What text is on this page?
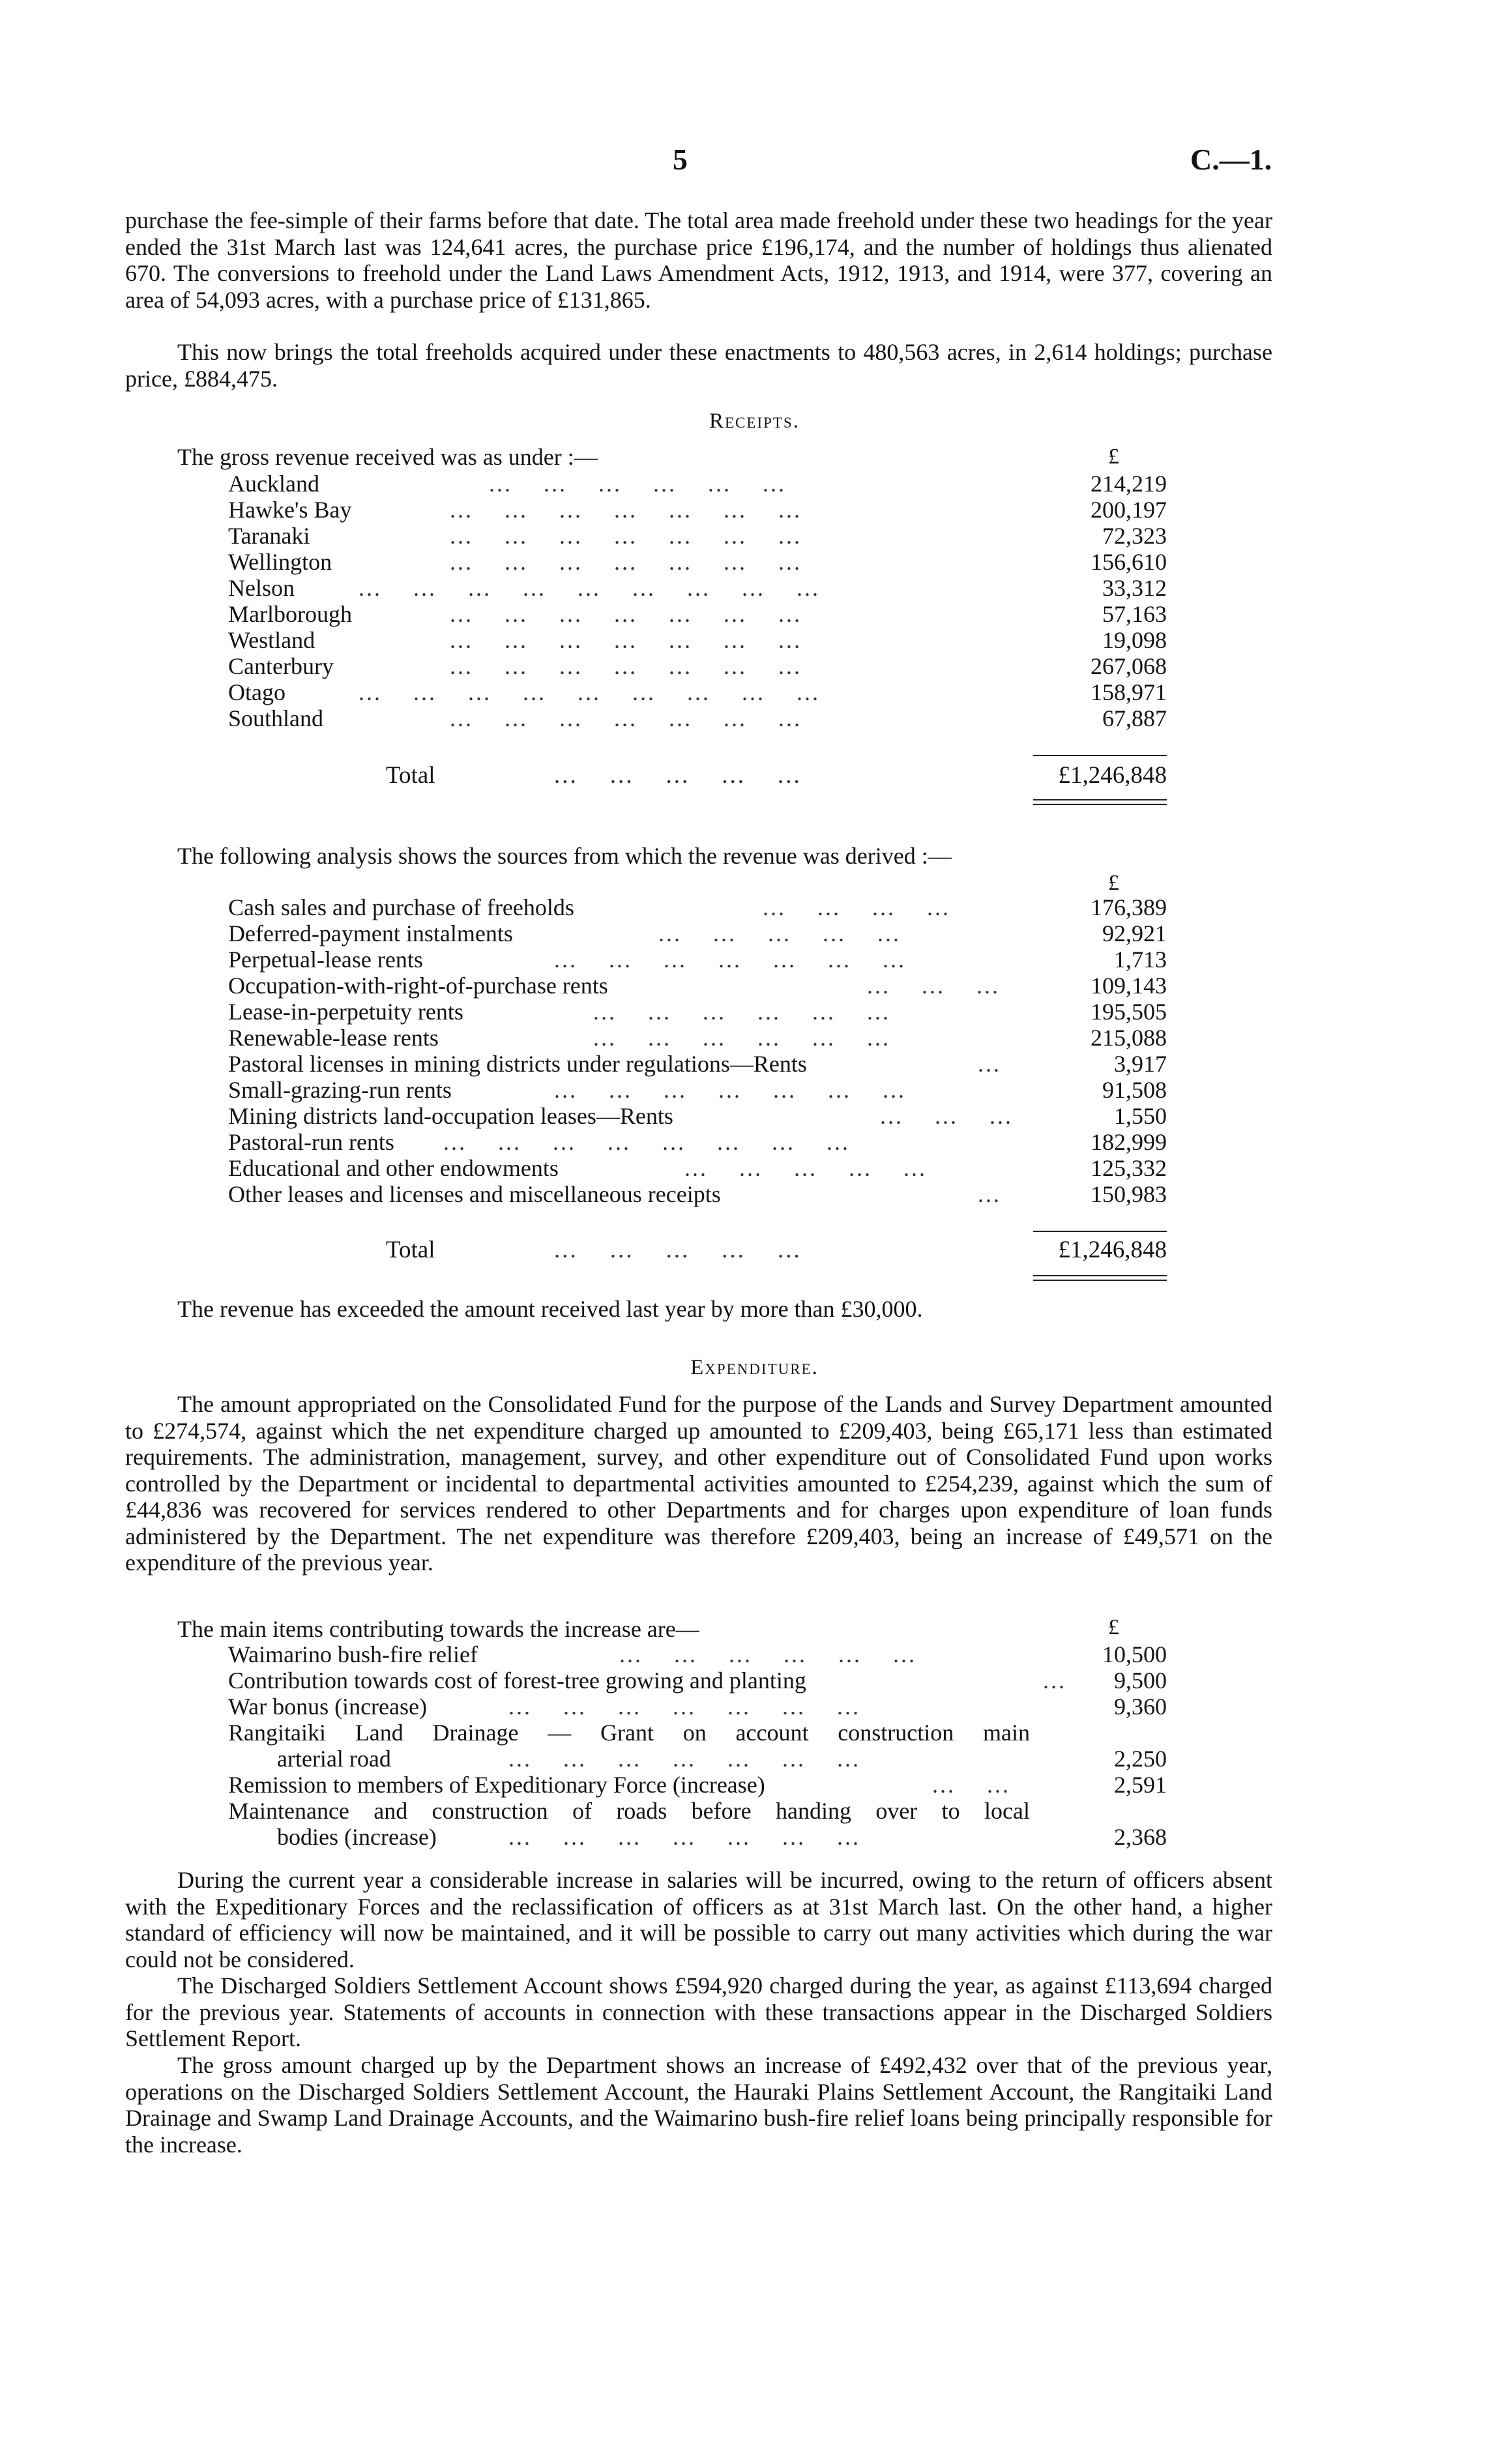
5	C.—1.

purchase the fee-simple of their farms before that date. The total area made freehold under these two headings for the year ended the 31st March last was 124,641 acres, the purchase price £196,174, and the number of holdings thus alienated 670. The conversions to freehold under the Land Laws Amendment Acts, 1912, 1913, and 1914, were 377, covering an area of 54,093 acres, with a purchase price of £131,865.

This now brings the total freeholds acquired under these enactments to 480,563 acres, in 2,614 holdings; purchase price, £884,475.

Receipts.
The gross revenue received was as under :—	£
Auckland	...    ...    ...    ...    ...    ...	214,219
Hawke's Bay	...    ...    ...    ...    ...    ...    ...	200,197
Taranaki	...    ...    ...    ...    ...    ...    ...	72,323
Wellington	...    ...    ...    ...    ...    ...    ...	156,610
Nelson	...    ...    ...    ...    ...    ...    ...    ...    ...	33,312
Marlborough	...    ...    ...    ...    ...    ...    ...	57,163
Westland	...    ...    ...    ...    ...    ...    ...	19,098
Canterbury	...    ...    ...    ...    ...    ...    ...	267,068
Otago	...    ...    ...    ...    ...    ...    ...    ...    ...	158,971
Southland	...    ...    ...    ...    ...    ...    ...	67,887
Total	...    ...    ...    ...    ...	£1,246,848
The following analysis shows the sources from which the revenue was derived :—
£
Cash sales and purchase of freeholds	...    ...    ...    ...	176,389
Deferred-payment instalments	...    ...    ...    ...    ...	92,921
Perpetual-lease rents	...    ...    ...    ...    ...    ...    ...	1,713
Occupation-with-right-of-purchase rents	...    ...    ...	109,143
Lease-in-perpetuity rents	...    ...    ...    ...    ...    ...	195,505
Renewable-lease rents	...    ...    ...    ...    ...    ...	215,088
Pastoral licenses in mining districts under regulations—Rents	...	3,917
Small-grazing-run rents	...    ...    ...    ...    ...    ...    ...	91,508
Mining districts land-occupation leases—Rents	...    ...    ...	1,550
Pastoral-run rents ...    ...    ...    ...    ...    ...    ...    ...	182,999
Educational and other endowments	...    ...    ...    ...    ...	125,332
Other leases and licenses and miscellaneous receipts	...	150,983
Total	...    ...    ...    ...    ...	£1,246,848

The revenue has exceeded the amount received last year by more than £30,000.

Expenditure.

The amount appropriated on the Consolidated Fund for the purpose of the Lands and Survey Department amounted to £274,574, against which the net expenditure charged up amounted to £209,403, being £65,171 less than estimated requirements. The administration, management, survey, and other expenditure out of Consolidated Fund upon works controlled by the Department or incidental to departmental activities amounted to £254,239, against which the sum of £44,836 was recovered for services rendered to other Departments and for charges upon expenditure of loan funds administered by the Department. The net expenditure was therefore £209,403, being an increase of £49,571 on the expenditure of the previous year.

The main items contributing towards the increase are—	£
Waimarino bush-fire relief	...    ...    ...    ...    ...    ...	10,500
Contribution towards cost of forest-tree growing and planting	... 9,500
War bonus (increase)	...    ...    ...    ...    ...    ...    ...	9,360
Rangitaiki Land Drainage — Grant on account construction main
arterial road	...    ...    ...    ...    ...    ...    ...	2,250
Remission to members of Expeditionary Force (increase)	...    ...	2,591
Maintenance and construction of roads before handing over to local
bodies (increase)	...    ...    ...    ...    ...    ...    ...	2,368

During the current year a considerable increase in salaries will be incurred, owing to the return of officers absent with the Expeditionary Forces and the reclassification of officers as at 31st March last. On the other hand, a higher standard of efficiency will now be maintained, and it will be possible to carry out many activities which during the war could not be considered.

The Discharged Soldiers Settlement Account shows £594,920 charged during the year, as against £113,694 charged for the previous year. Statements of accounts in connection with these transactions appear in the Discharged Soldiers Settlement Report.

The gross amount charged up by the Department shows an increase of £492,432 over that of the previous year, operations on the Discharged Soldiers Settlement Account, the Hauraki Plains Settlement Account, the Rangitaiki Land Drainage and Swamp Land Drainage Accounts, and the Waimarino bush-fire relief loans being principally responsible for the increase.
